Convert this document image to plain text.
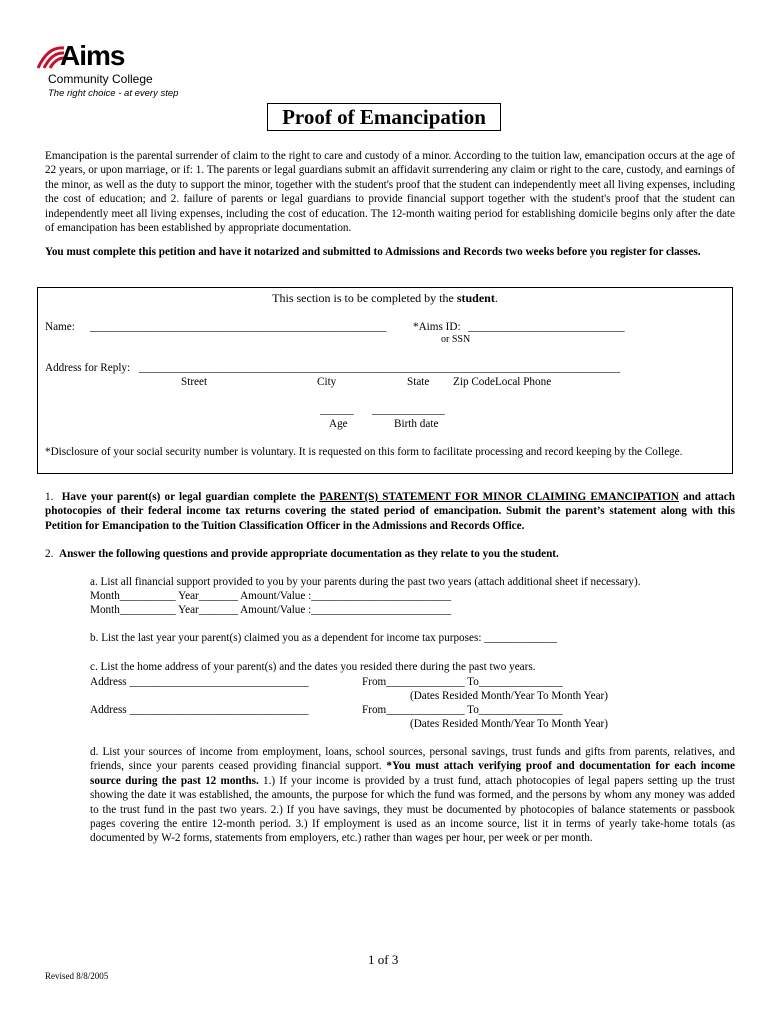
Aims
Community College
The right choice - at every step
Proof of Emancipation
Emancipation is the parental surrender of claim to the right to care and custody of a minor. According to the tuition law, emancipation occurs at the age of 22 years, or upon marriage, or if: 1. The parents or legal guardians submit an affidavit surrendering any claim or right to the care, custody, and earnings of the minor, as well as the duty to support the minor, together with the student's proof that the student can independently meet all living expenses, including the cost of education; and 2. failure of parents or legal guardians to provide financial support together with the student's proof that the student can independently meet all living expenses, including the cost of education. The 12-month waiting period for establishing domicile begins only after the date of emancipation has been established by appropriate documentation.
You must complete this petition and have it notarized and submitted to Admissions and Records two weeks before you register for classes.
This section is to be completed by the student.
Name: _____________________________________________________ *Aims ID: ____________________________
or SSN
Address for Reply: ______________________________________________________________________________________
Street	City	State Zip CodeLocal Phone
______ _____________
Age	Birth date
*Disclosure of your social security number is voluntary. It is requested on this form to facilitate processing and record keeping by the College.
1. Have your parent(s) or legal guardian complete the PARENT(S) STATEMENT FOR MINOR CLAIMING EMANCIPATION and attach photocopies of their federal income tax returns covering the stated period of emancipation. Submit the parent’s statement along with this Petition for Emancipation to the Tuition Classification Officer in the Admissions and Records Office.
2. Answer the following questions and provide appropriate documentation as they relate to you the student.
a. List all financial support provided to you by your parents during the past two years (attach additional sheet if necessary).
Month__________ Year_______ Amount/Value :_________________________
Month__________ Year_______ Amount/Value :_________________________
b. List the last year your parent(s) claimed you as a dependent for income tax purposes: _____________
c. List the home address of your parent(s) and the dates you resided there during the past two years.
Address ________________________________	From______________ To_______________
(Dates Resided Month/Year To Month Year)
Address ________________________________	From______________ To_______________
(Dates Resided Month/Year To Month Year)
d. List your sources of income from employment, loans, school sources, personal savings, trust funds and gifts from parents, relatives, and friends, since your parents ceased providing financial support. *You must attach verifying proof and documentation for each income source during the past 12 months. 1.) If your income is provided by a trust fund, attach photocopies of legal papers setting up the trust showing the date it was established, the amounts, the purpose for which the fund was formed, and the persons by whom any money was added to the trust fund in the past two years. 2.) If you have savings, they must be documented by photocopies of balance statements or passbook pages covering the entire 12-month period. 3.) If employment is used as an income source, list it in terms of yearly take-home totals (as documented by W-2 forms, statements from employers, etc.) rather than wages per hour, per week or per month.
1 of 3
Revised 8/8/2005
